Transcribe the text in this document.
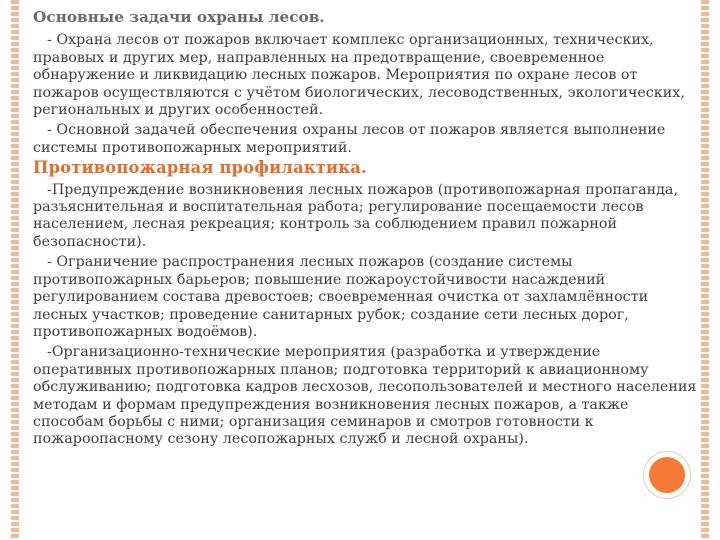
Основные задачи охраны лесов.

- Охрана лесов от пожаров включает комплекс организационных, технических, правовых и других мер, направленных на предотвращение, своевременное обнаружение и ликвидацию лесных пожаров. Мероприятия по охране лесов от пожаров осуществляются с учётом биологических, лесоводственных, экологических, региональных и других особенностей.

- Основной задачей обеспечения охраны лесов от пожаров является выполнение системы противопожарных мероприятий.

Противопожарная профилактика.

-Предупреждение возникновения лесных пожаров (противопожарная пропаганда, разъяснительная и воспитательная работа; регулирование посещаемости лесов населением, лесная рекреация; контроль за соблюдением правил пожарной безопасности).

- Ограничение распространения лесных пожаров (создание системы противопожарных барьеров; повышение пожароустойчивости насаждений регулированием состава древостоев; своевременная очистка от захламлённости лесных участков; проведение санитарных рубок; создание сети лесных дорог, противопожарных водоёмов).

-Организационно-технические мероприятия (разработка и утверждение оперативных противопожарных планов; подготовка территорий к авиационному обслуживанию; подготовка кадров лесхозов, лесопользователей и местного населения методам и формам предупреждения возникновения лесных пожаров, а также способам борьбы с ними; организация семинаров и смотров готовности к пожароопасному сезону лесопожарных служб и лесной охраны).
